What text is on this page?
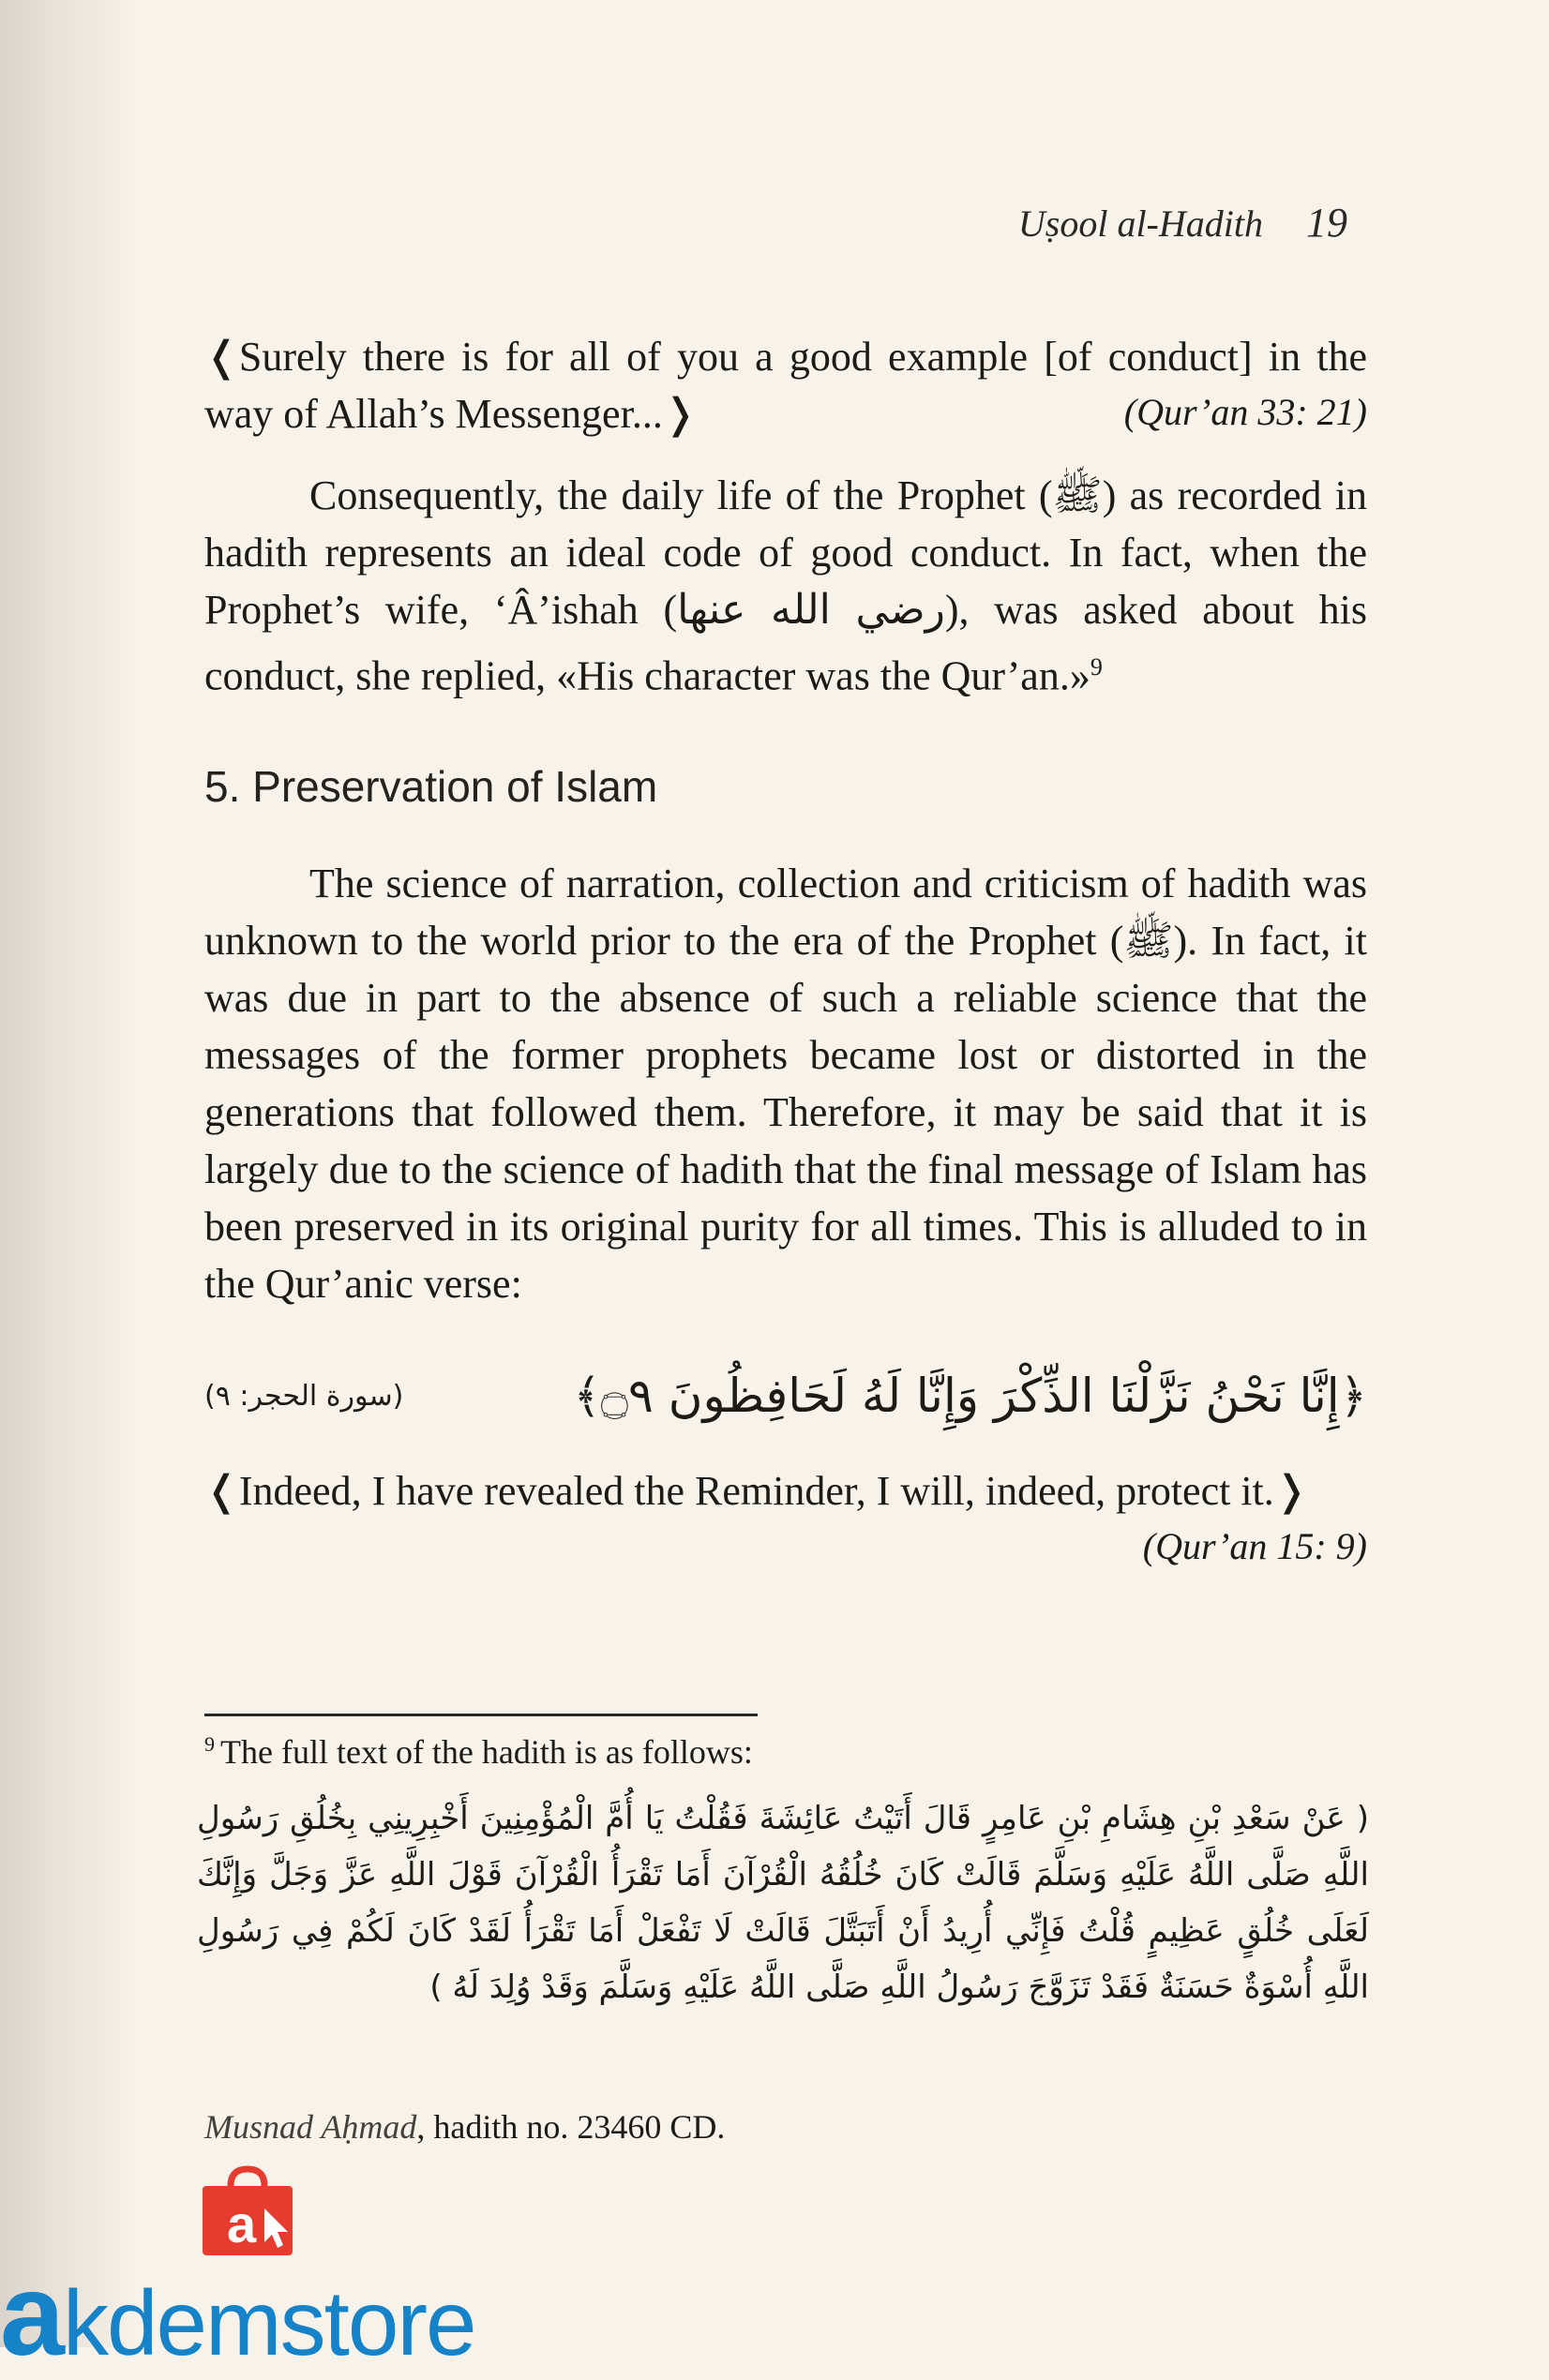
Uṣool al-Hadith 19

❬Surely there is for all of you a good example [of conduct] in the way of Allah’s Messenger...❭	(Qur’an 33: 21)

Consequently, the daily life of the Prophet (ﷺ) as recorded in hadith represents an ideal code of good conduct. In fact, when the Prophet’s wife, ‘Â’ishah (رضي الله عنها), was asked about his conduct, she replied, «His character was the Qur’an.»$^9$

5. Preservation of Islam

The science of narration, collection and criticism of hadith was unknown to the world prior to the era of the Prophet (ﷺ). In fact, it was due in part to the absence of such a reliable science that the messages of the former prophets became lost or distorted in the generations that followed them. Therefore, it may be said that it is largely due to the science of hadith that the final message of Islam has been preserved in its original purity for all times. This is alluded to in the Qur’anic verse:

(سورة الحجر: ٩)	﴿إِنَّا نَحْنُ نَزَّلْنَا الذِّكْرَ وَإِنَّا لَهُ لَحَافِظُونَ ۝٩﴾

❬Indeed, I have revealed the Reminder, I will, indeed, protect it.❭

(Qur’an 15: 9)
$^9$ The full text of the hadith is as follows:
( عَنْ سَعْدِ بْنِ هِشَامِ بْنِ عَامِرٍ قَالَ أَتَيْتُ عَائِشَةَ فَقُلْتُ يَا أُمَّ الْمُؤْمِنِينَ أَخْبِرِينِي بِخُلُقِ رَسُولِ اللَّهِ صَلَّى اللَّهُ عَلَيْهِ وَسَلَّمَ قَالَتْ كَانَ خُلُقُهُ الْقُرْآنَ أَمَا تَقْرَأُ الْقُرْآنَ قَوْلَ اللَّهِ عَزَّ وَجَلَّ وَإِنَّكَ لَعَلَى خُلُقٍ عَظِيمٍ قُلْتُ فَإِنِّي أُرِيدُ أَنْ أَتَبَتَّلَ قَالَتْ لَا تَفْعَلْ أَمَا تَقْرَأُ لَقَدْ كَانَ لَكُمْ فِي رَسُولِ اللَّهِ أُسْوَةٌ حَسَنَةٌ فَقَدْ تَزَوَّجَ رَسُولُ اللَّهِ صَلَّى اللَّهُ عَلَيْهِ وَسَلَّمَ وَقَدْ وُلِدَ لَهُ )
Musnad Aḥmad, hadith no. 23460 CD.
a
akdemstore
